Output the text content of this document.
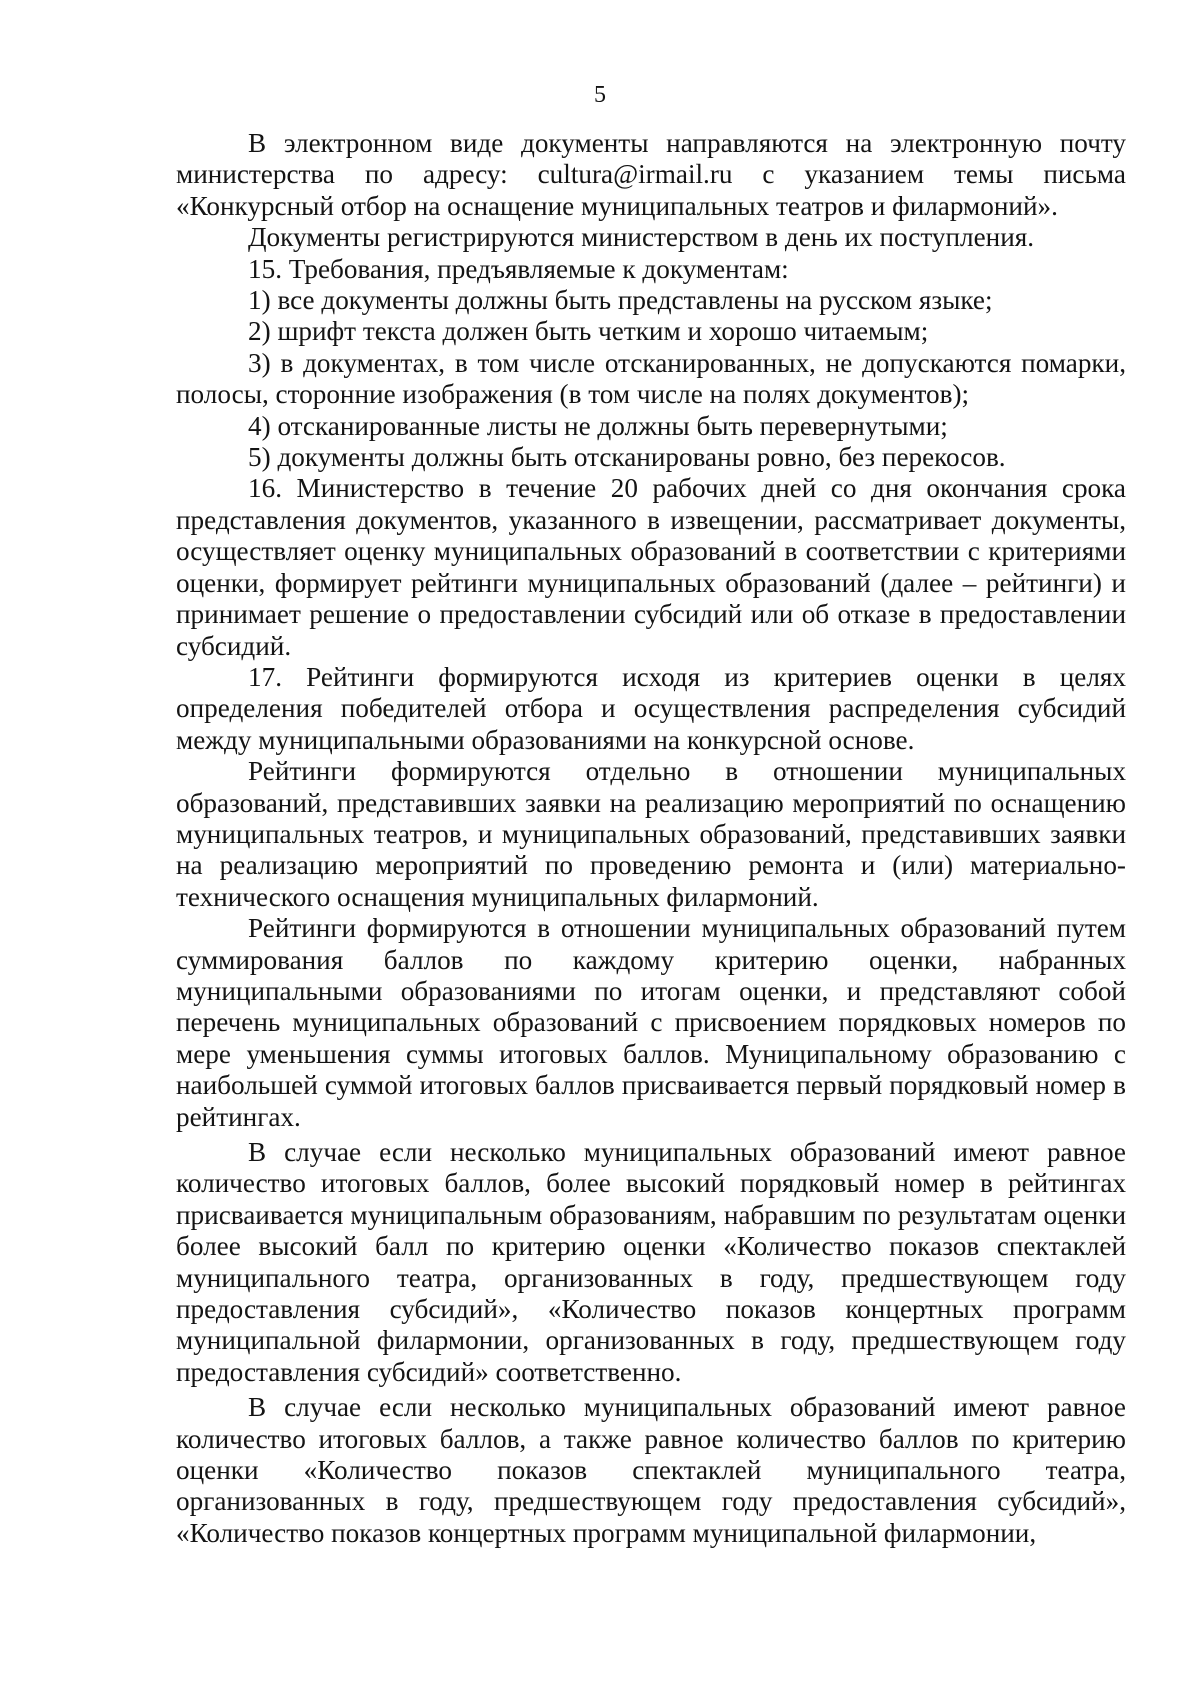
5

В электронном виде документы направляются на электронную почту министерства по адресу: cultura@irmail.ru с указанием темы письма «Конкурсный отбор на оснащение муниципальных театров и филармоний».

Документы регистрируются министерством в день их поступления.

15. Требования, предъявляемые к документам:

1) все документы должны быть представлены на русском языке;

2) шрифт текста должен быть четким и хорошо читаемым;

3) в документах, в том числе отсканированных, не допускаются помарки, полосы, сторонние изображения (в том числе на полях документов);

4) отсканированные листы не должны быть перевернутыми;

5) документы должны быть отсканированы ровно, без перекосов.

16. Министерство в течение 20 рабочих дней со дня окончания срока представления документов, указанного в извещении, рассматривает документы, осуществляет оценку муниципальных образований в соответствии с критериями оценки, формирует рейтинги муниципальных образований (далее – рейтинги) и принимает решение о предоставлении субсидий или об отказе в предоставлении субсидий.

17. Рейтинги формируются исходя из критериев оценки в целях определения победителей отбора и осуществления распределения субсидий между муниципальными образованиями на конкурсной основе.

Рейтинги формируются отдельно в отношении муниципальных образований, представивших заявки на реализацию мероприятий по оснащению муниципальных театров, и муниципальных образований, представивших заявки на реализацию мероприятий по проведению ремонта и (или) материально-технического оснащения муниципальных филармоний.

Рейтинги формируются в отношении муниципальных образований путем суммирования баллов по каждому критерию оценки, набранных муниципальными образованиями по итогам оценки, и представляют собой перечень муниципальных образований с присвоением порядковых номеров по мере уменьшения суммы итоговых баллов. Муниципальному образованию с наибольшей суммой итоговых баллов присваивается первый порядковый номер в рейтингах.

В случае если несколько муниципальных образований имеют равное количество итоговых баллов, более высокий порядковый номер в рейтингах присваивается муниципальным образованиям, набравшим по результатам оценки более высокий балл по критерию оценки «Количество показов спектаклей муниципального театра, организованных в году, предшествующем году предоставления субсидий», «Количество показов концертных программ муниципальной филармонии, организованных в году, предшествующем году предоставления субсидий» соответственно.

В случае если несколько муниципальных образований имеют равное количество итоговых баллов, а также равное количество баллов по критерию оценки «Количество показов спектаклей муниципального театра, организованных в году, предшествующем году предоставления субсидий», «Количество показов концертных программ муниципальной филармонии,
